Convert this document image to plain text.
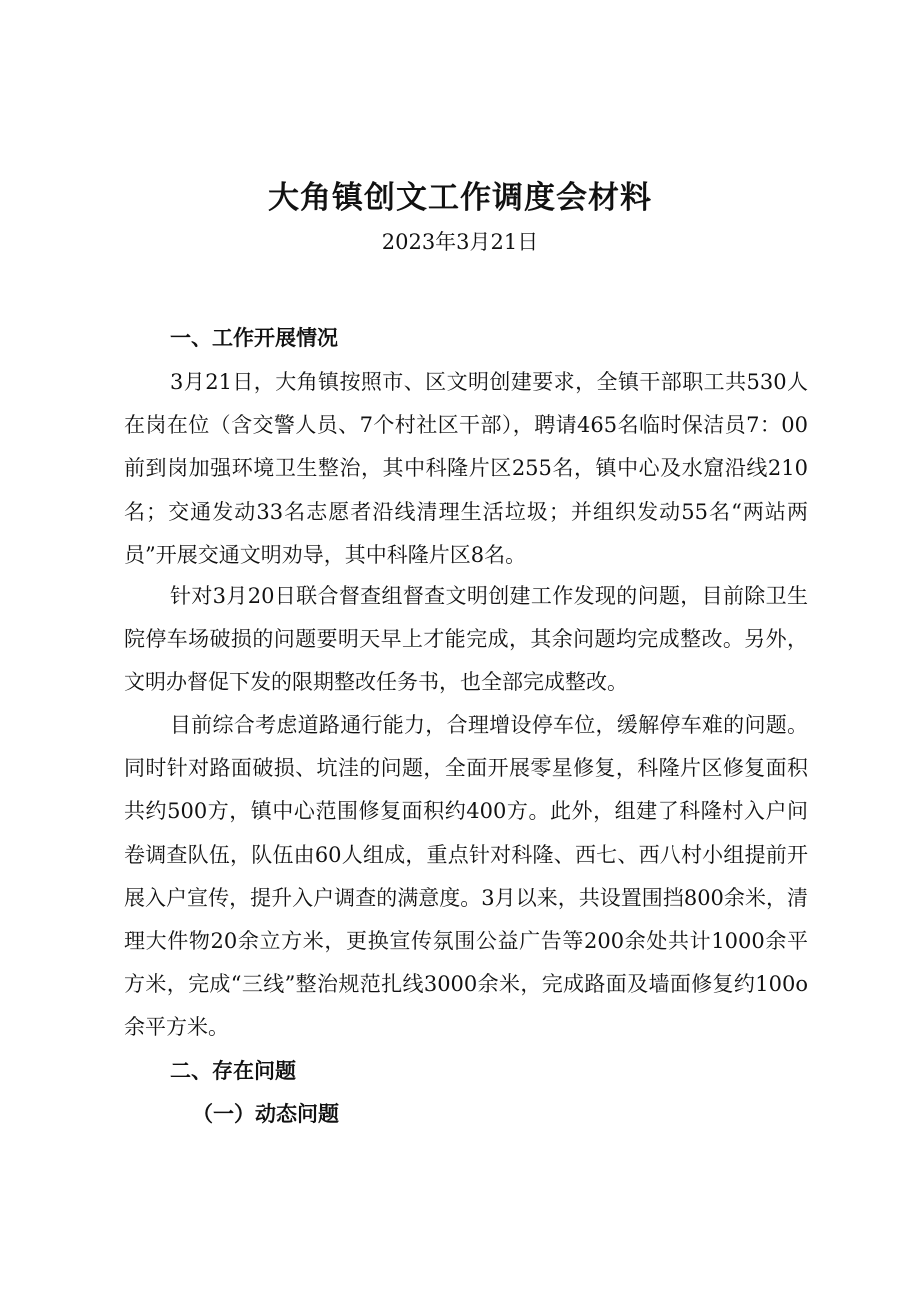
大角镇创文工作调度会材料

2023年3月21日

一、工作开展情况

3月21日，大角镇按照市、区文明创建要求，全镇干部职工共530人在岗在位（含交警人员、7个村社区干部），聘请465名临时保洁员7：00前到岗加强环境卫生整治，其中科隆片区255名，镇中心及水窟沿线210名；交通发动33名志愿者沿线清理生活垃圾；并组织发动55名“两站两员”开展交通文明劝导，其中科隆片区8名。

针对3月20日联合督查组督查文明创建工作发现的问题，目前除卫生院停车场破损的问题要明天早上才能完成，其余问题均完成整改。另外，文明办督促下发的限期整改任务书，也全部完成整改。

目前综合考虑道路通行能力，合理增设停车位，缓解停车难的问题。同时针对路面破损、坑洼的问题，全面开展零星修复，科隆片区修复面积共约500方，镇中心范围修复面积约400方。此外，组建了科隆村入户问卷调查队伍，队伍由60人组成，重点针对科隆、西七、西八村小组提前开展入户宣传，提升入户调查的满意度。3月以来，共设置围挡800余米，清理大件物20余立方米，更换宣传氛围公益广告等200余处共计1000余平方米，完成“三线”整治规范扎线3000余米，完成路面及墙面修复约100o余平方米。

二、存在问题
（一）动态问题
